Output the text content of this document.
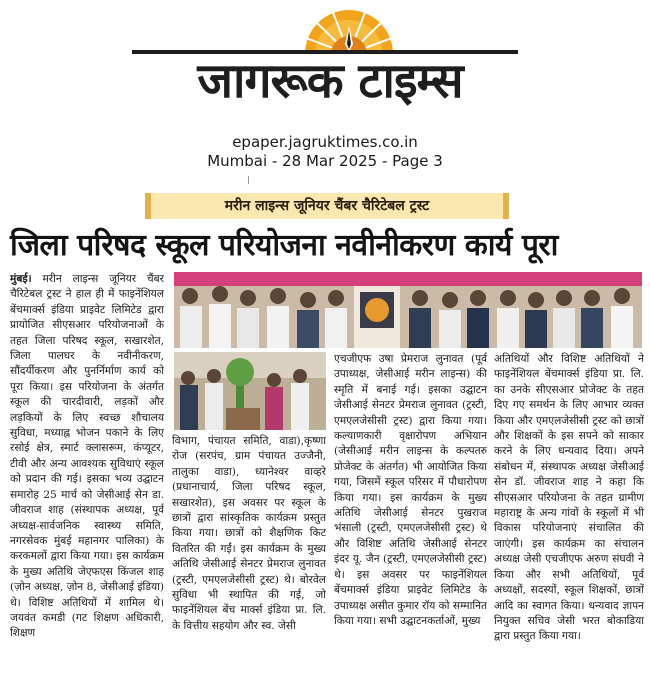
जागरूक टाइम्स
epaper.jagruktimes.co.in
Mumbai - 28 Mar 2025 - Page 3
मरीन लाइन्स जूनियर चैंबर चैरिटेबल ट्रस्ट
जिला परिषद स्कूल परियोजना नवीनीकरण कार्य पूरा
मुंबई। मरीन लाइन्स जूनियर चैंबर चैरिटेबल ट्रस्ट ने हाल ही में फाइनेंशियल बेंचमार्क्स इंडिया प्राइवेट लिमिटेड द्वारा प्रायोजित सीएसआर परियोजनाओं के तहत जिला परिषद स्कूल, सखारशेत, जिला पालघर के नवीनीकरण, सौंदर्यीकरण और पुनर्निर्माण कार्य को पूरा किया। इस परियोजना के अंतर्गत स्कूल की चारदीवारी, लड़कों और लड़कियों के लिए स्वच्छ शौचालय सुविधा, मध्याह्न भोजन पकाने के लिए रसोई क्षेत्र, स्मार्ट क्लासरूम, कंप्यूटर, टीवी और अन्य आवश्यक सुविधाएं स्कूल को प्रदान की गई। इसका भव्य उद्घाटन समारोह 25 मार्च को जेसीआई सेन डा. जीवराज शाह (संस्थापक अध्यक्ष, पूर्व अध्यक्ष-सार्वजनिक स्वास्थ्य समिति, नगरसेवक मुंबई महानगर पालिका) के करकमलों द्वारा किया गया। इस कार्यक्रम के मुख्य अतिथि जेएफएस किंजल शाह (ज़ोन अध्यक्ष, ज़ोन 8, जेसीआई इंडिया) थे। विशिष्ट अतिथियों में शामिल थे। जयवंत कमडी (गट शिक्षण अधिकारी, शिक्षण
विभाग, पंचायत समिति, वाडा),कृष्णा रोज (सरपंच, ग्राम पंचायत उज्जैनी, तालुका वाडा), ध्यानेश्वर वाव्हरे (प्रधानाचार्य, जिला परिषद स्कूल, सखारशेत), इस अवसर पर स्कूल के छात्रों द्वारा सांस्कृतिक कार्यक्रम प्रस्तुत किया गया। छात्रों को शैक्षणिक किट वितरित की गईं। इस कार्यक्रम के मुख्य अतिथि जेसीआई सेनटर प्रेमराज लुनावत (ट्रस्टी, एमएलजेसीसी ट्रस्ट) थे। बोरवेल सुविधा भी स्थापित की गई, जो फाइनेंशियल बेंच मार्क्स इंडिया प्रा. लि. के वित्तीय सहयोग और स्व. जेसी
एचजीएफ उषा प्रेमराज लुनावत (पूर्व उपाध्यक्ष, जेसीआई मरीन लाइन्स) की स्मृति में बनाई गई। इसका उद्घाटन जेसीआई सेनटर प्रेमराज लुनावत (ट्रस्टी, एमएलजेसीसी ट्रस्ट) द्वारा किया गया। कल्याणकारी वृक्षारोपण अभियान (जेसीआई मरीन लाइन्स के कल्पतरु प्रोजेक्ट के अंतर्गत) भी आयोजित किया गया, जिसमें स्कूल परिसर में पौधारोपण किया गया। इस कार्यक्रम के मुख्य अतिथि जेसीआई सेनटर पुखराज भंसाली (ट्रस्टी, एमएलजेसीसी ट्रस्ट) थे और विशिष्ट अतिथि जेसीआई सेनटर इंदर यू. जैन (ट्रस्टी, एमएलजेसीसी ट्रस्ट) थे। इस अवसर पर फाइनेंशियल बेंचमार्क्स इंडिया प्राइवेट लिमिटेड के उपाध्यक्ष असीत कुमार रॉय को सम्मानित किया गया। सभी उद्घाटनकर्ताओं, मुख्य
अतिथियों और विशिष्ट अतिथियों ने फाइनेंशियल बेंचमार्क्स इंडिया प्रा. लि. का उनके सीएसआर प्रोजेक्ट के तहत दिए गए समर्थन के लिए आभार व्यक्त किया और एमएलजेसीसी ट्रस्ट को छात्रों और शिक्षकों के इस सपने को साकार करने के लिए धन्यवाद दिया। अपने संबोधन में, संस्थापक अध्यक्ष जेसीआई सेन डॉ. जीवराज शाह ने कहा कि सीएसआर परियोजना के तहत ग्रामीण महाराष्ट्र के अन्य गांवों के स्कूलों में भी विकास परियोजनाएं संचालित की जाएंगी। इस कार्यक्रम का संचालन अध्यक्ष जेसी एचजीएफ अरुण संघवी ने किया और सभी अतिथियों, पूर्व अध्यक्षों, सदस्यों, स्कूल शिक्षकों, छात्रों आदि का स्वागत किया। धन्यवाद ज्ञापन नियुक्त सचिव जेसी भरत बोकाडिया द्वारा प्रस्तुत किया गया।
